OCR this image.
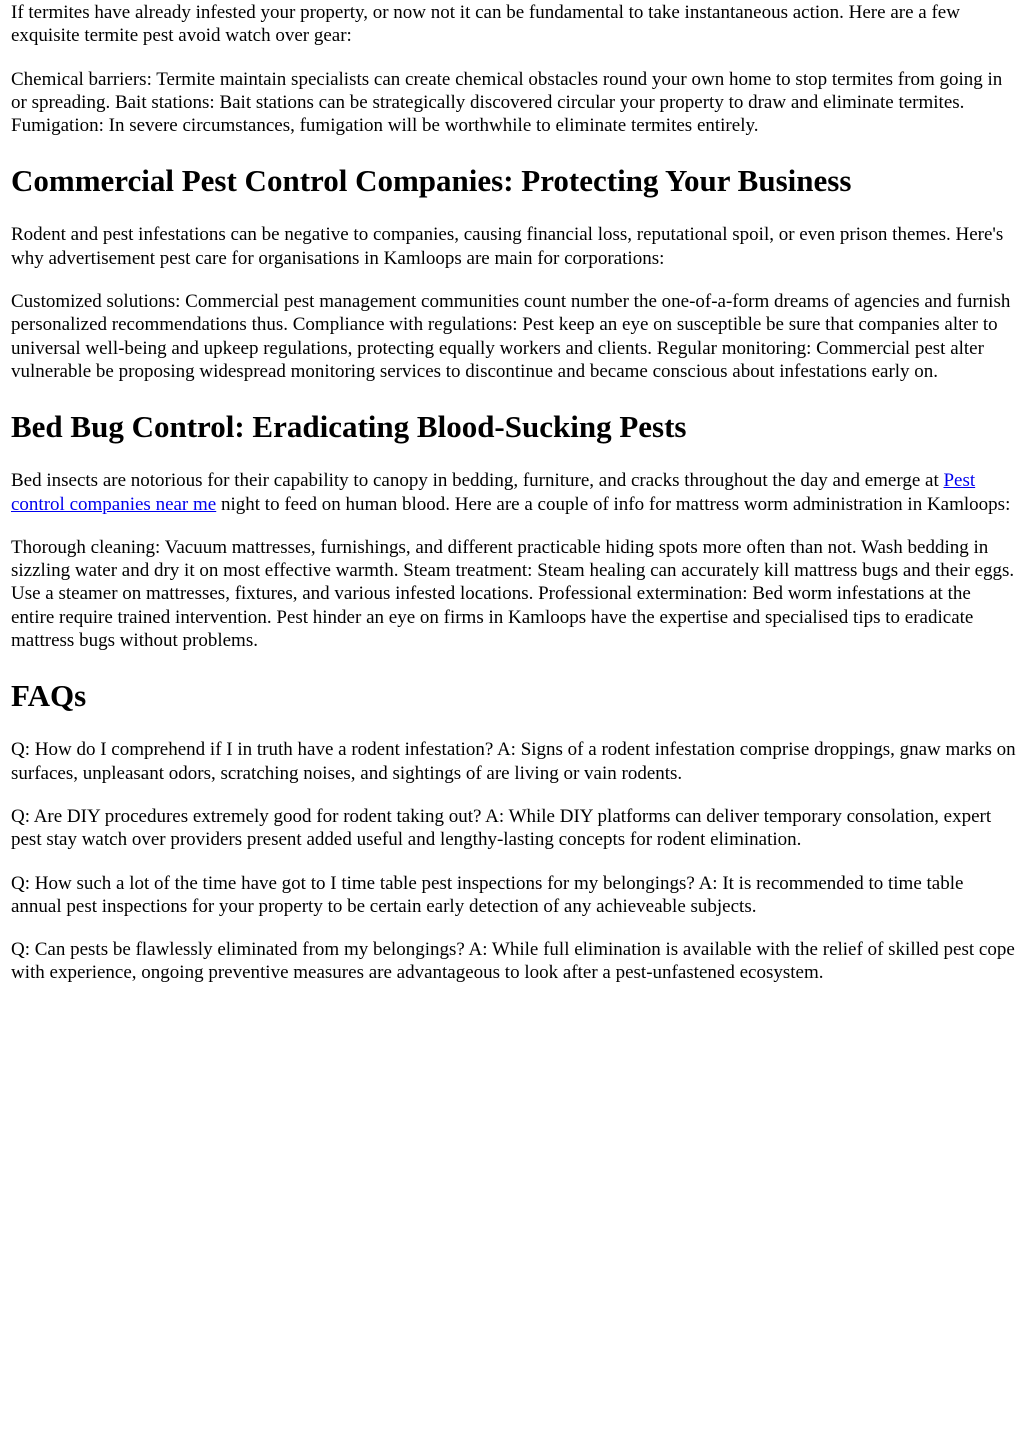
If termites have already infested your property, or now not it can be fundamental to take instantaneous action. Here are a few exquisite termite pest avoid watch over gear:

Chemical barriers: Termite maintain specialists can create chemical obstacles round your own home to stop termites from going in or spreading. Bait stations: Bait stations can be strategically discovered circular your property to draw and eliminate termites. Fumigation: In severe circumstances, fumigation will be worthwhile to eliminate termites entirely.

Commercial Pest Control Companies: Protecting Your Business

Rodent and pest infestations can be negative to companies, causing financial loss, reputational spoil, or even prison themes. Here's why advertisement pest care for organisations in Kamloops are main for corporations:

Customized solutions: Commercial pest management communities count number the one-of-a-form dreams of agencies and furnish personalized recommendations thus. Compliance with regulations: Pest keep an eye on susceptible be sure that companies alter to universal well-being and upkeep regulations, protecting equally workers and clients. Regular monitoring: Commercial pest alter vulnerable be proposing widespread monitoring services to discontinue and became conscious about infestations early on.

Bed Bug Control: Eradicating Blood-Sucking Pests

Bed insects are notorious for their capability to canopy in bedding, furniture, and cracks throughout the day and emerge at Pest control companies near me night to feed on human blood. Here are a couple of info for mattress worm administration in Kamloops:

Thorough cleaning: Vacuum mattresses, furnishings, and different practicable hiding spots more often than not. Wash bedding in sizzling water and dry it on most effective warmth. Steam treatment: Steam healing can accurately kill mattress bugs and their eggs. Use a steamer on mattresses, fixtures, and various infested locations. Professional extermination: Bed worm infestations at the entire require trained intervention. Pest hinder an eye on firms in Kamloops have the expertise and specialised tips to eradicate mattress bugs without problems.

FAQs

Q: How do I comprehend if I in truth have a rodent infestation? A: Signs of a rodent infestation comprise droppings, gnaw marks on surfaces, unpleasant odors, scratching noises, and sightings of are living or vain rodents.

Q: Are DIY procedures extremely good for rodent taking out? A: While DIY platforms can deliver temporary consolation, expert pest stay watch over providers present added useful and lengthy-lasting concepts for rodent elimination.

Q: How such a lot of the time have got to I time table pest inspections for my belongings? A: It is recommended to time table annual pest inspections for your property to be certain early detection of any achieveable subjects.

Q: Can pests be flawlessly eliminated from my belongings? A: While full elimination is available with the relief of skilled pest cope with experience, ongoing preventive measures are advantageous to look after a pest-unfastened ecosystem.
